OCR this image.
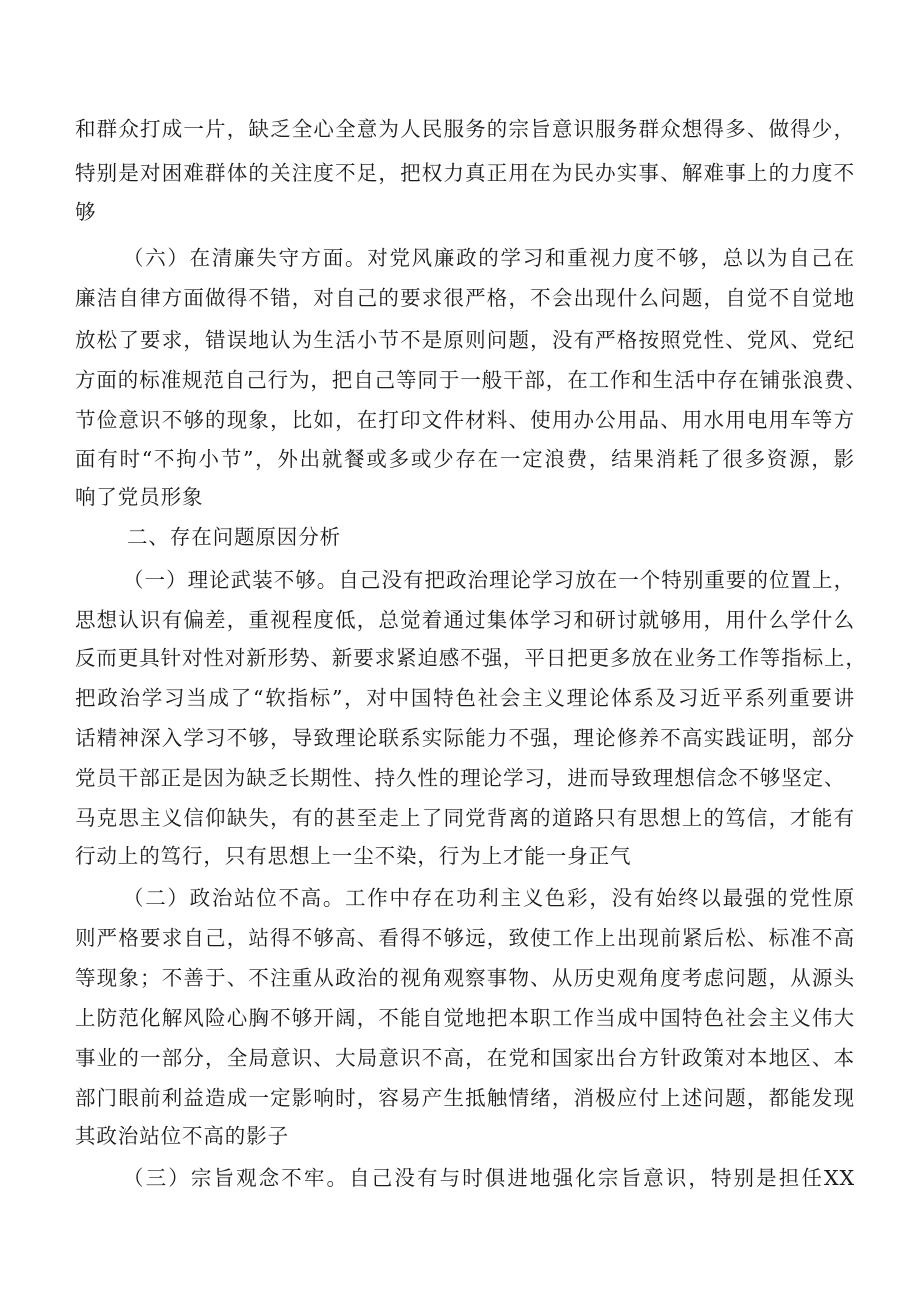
和群众打成一片，缺乏全心全意为人民服务的宗旨意识服务群众想得多、做得少，
特别是对困难群体的关注度不足，把权力真正用在为民办实事、解难事上的力度不
够
（六）在清廉失守方面。对党风廉政的学习和重视力度不够，总以为自己在
廉洁自律方面做得不错，对自己的要求很严格，不会出现什么问题，自觉不自觉地
放松了要求，错误地认为生活小节不是原则问题，没有严格按照党性、党风、党纪
方面的标准规范自己行为，把自己等同于一般干部，在工作和生活中存在铺张浪费、
节俭意识不够的现象，比如，在打印文件材料、使用办公用品、用水用电用车等方
面有时“不拘小节”，外出就餐或多或少存在一定浪费，结果消耗了很多资源，影
响了党员形象
二、存在问题原因分析
（一）理论武装不够。自己没有把政治理论学习放在一个特别重要的位置上，
思想认识有偏差，重视程度低，总觉着通过集体学习和研讨就够用，用什么学什么
反而更具针对性对新形势、新要求紧迫感不强，平日把更多放在业务工作等指标上，
把政治学习当成了“软指标”，对中国特色社会主义理论体系及习近平系列重要讲
话精神深入学习不够，导致理论联系实际能力不强，理论修养不高实践证明，部分
党员干部正是因为缺乏长期性、持久性的理论学习，进而导致理想信念不够坚定、
马克思主义信仰缺失，有的甚至走上了同党背离的道路只有思想上的笃信，才能有
行动上的笃行，只有思想上一尘不染，行为上才能一身正气
（二）政治站位不高。工作中存在功利主义色彩，没有始终以最强的党性原
则严格要求自己，站得不够高、看得不够远，致使工作上出现前紧后松、标准不高
等现象；不善于、不注重从政治的视角观察事物、从历史观角度考虑问题，从源头
上防范化解风险心胸不够开阔，不能自觉地把本职工作当成中国特色社会主义伟大
事业的一部分，全局意识、大局意识不高，在党和国家出台方针政策对本地区、本
部门眼前利益造成一定影响时，容易产生抵触情绪，消极应付上述问题，都能发现
其政治站位不高的影子
（三）宗旨观念不牢。自己没有与时俱进地强化宗旨意识，特别是担任XX
